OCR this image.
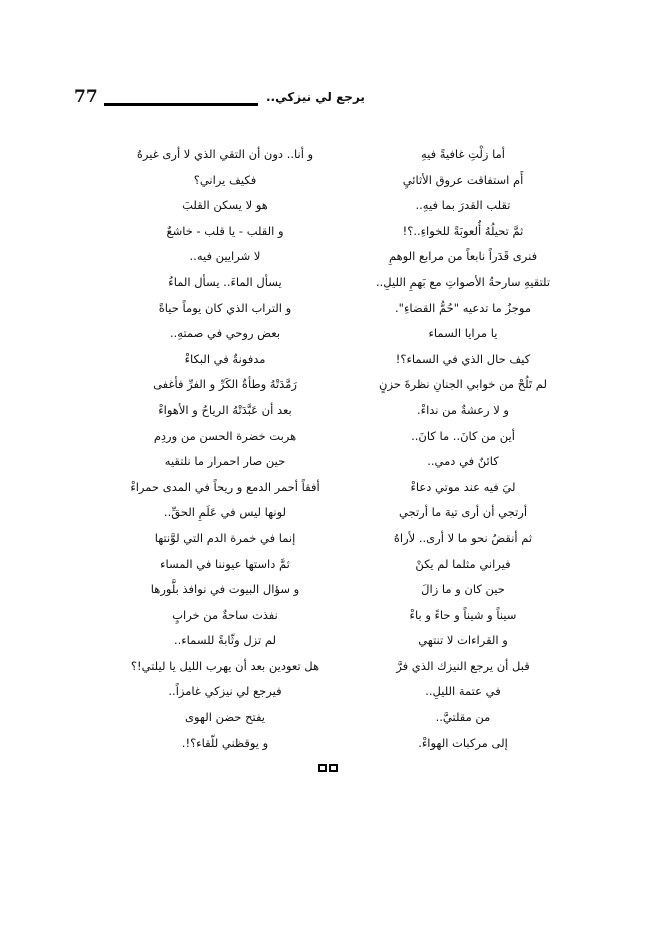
77	يرجع لي نيزكي..
أما زلْتِ غافيةً فيهِ
أَم استفاقت عروق الأثائيِ
تقلب القدرَ بما فيهِ..
ثمَّ تحيلُهُ أُلعوبَةً للخواءِ..؟!
فنرى قَدَراً نابعاً من مرابع الوهمِ
تلتقيهِ سارحةُ الأصواتِ مع بَهمِ الليلِ..
موجزُ ما تدعيه "حُمُّ القضاءِ".
يا مرايا السماء
كيف حال الذي في السماء؟!
لم تَلُحْ من خوابي الجنانِ نظرةَ حزنٍ
و لا رعشةٌ من نداءْ.
أين من كانَ.. ما كانَ..
كائنٌ في دمي..
ليَ فيه عند موتي دعاءْ
أرتجي أن أرى تيهَ ما أرتجي
ثم أنقضُ نحو ما لا أرى.. لأراهُ
فيراني مثلما لم يكنْ
حين كان و ما زالَ
سيناً و شيناً و حاءً و باءْ
و القراءات لا تنتهي
قبل أن يرجع النيزك الذي فرَّ
في عتمة الليلِ..
من مقلتيَّ..
إلى مركبات الهواءْ.
و أنا.. دون أن التقي الذي لا أرى غيرهُ
فكيف يراني؟
هو لا يسكن القلبَ
و القلب - يا قلب - خاشعٌ
لا شرايين فيه..
يسأل الماءَ.. يسأل الماءُ
و التراب الذي كان يوماً حياةً
بعض روحي في صمتهِ..
مدفونةٌ في البكاءْ
رَمَّدَتْهُ وطأةُ الكَرِّ و الفرِّ فأغفى
بعد أن عَبَّدَتْهُ الرياحُ و الأهواءْ
هربت خضرة الحسن من وردِم
حين صار احمرار ما نلتقيه
أفقاً أحمر الدمع و ريحاً في المدى حمراءْ
لونها ليس في عَلَمِ الحقِّ..
إنما في خمرة الدم التي لوَّنتها
ثمَّ داستها عيوننا في المساء
و سؤال البيوت في نوافذ بلَّورها
نفذت ساحةٌ من خرابٍ
لم تزل وثّابةً للسماء..
هل تعودين بعد أن يهرب الليل يا ليلتي!؟
فيرجع لي نيزكي غامزاً..
يفتح حضن الهوى
و يوقظني للّقاء؟!.
